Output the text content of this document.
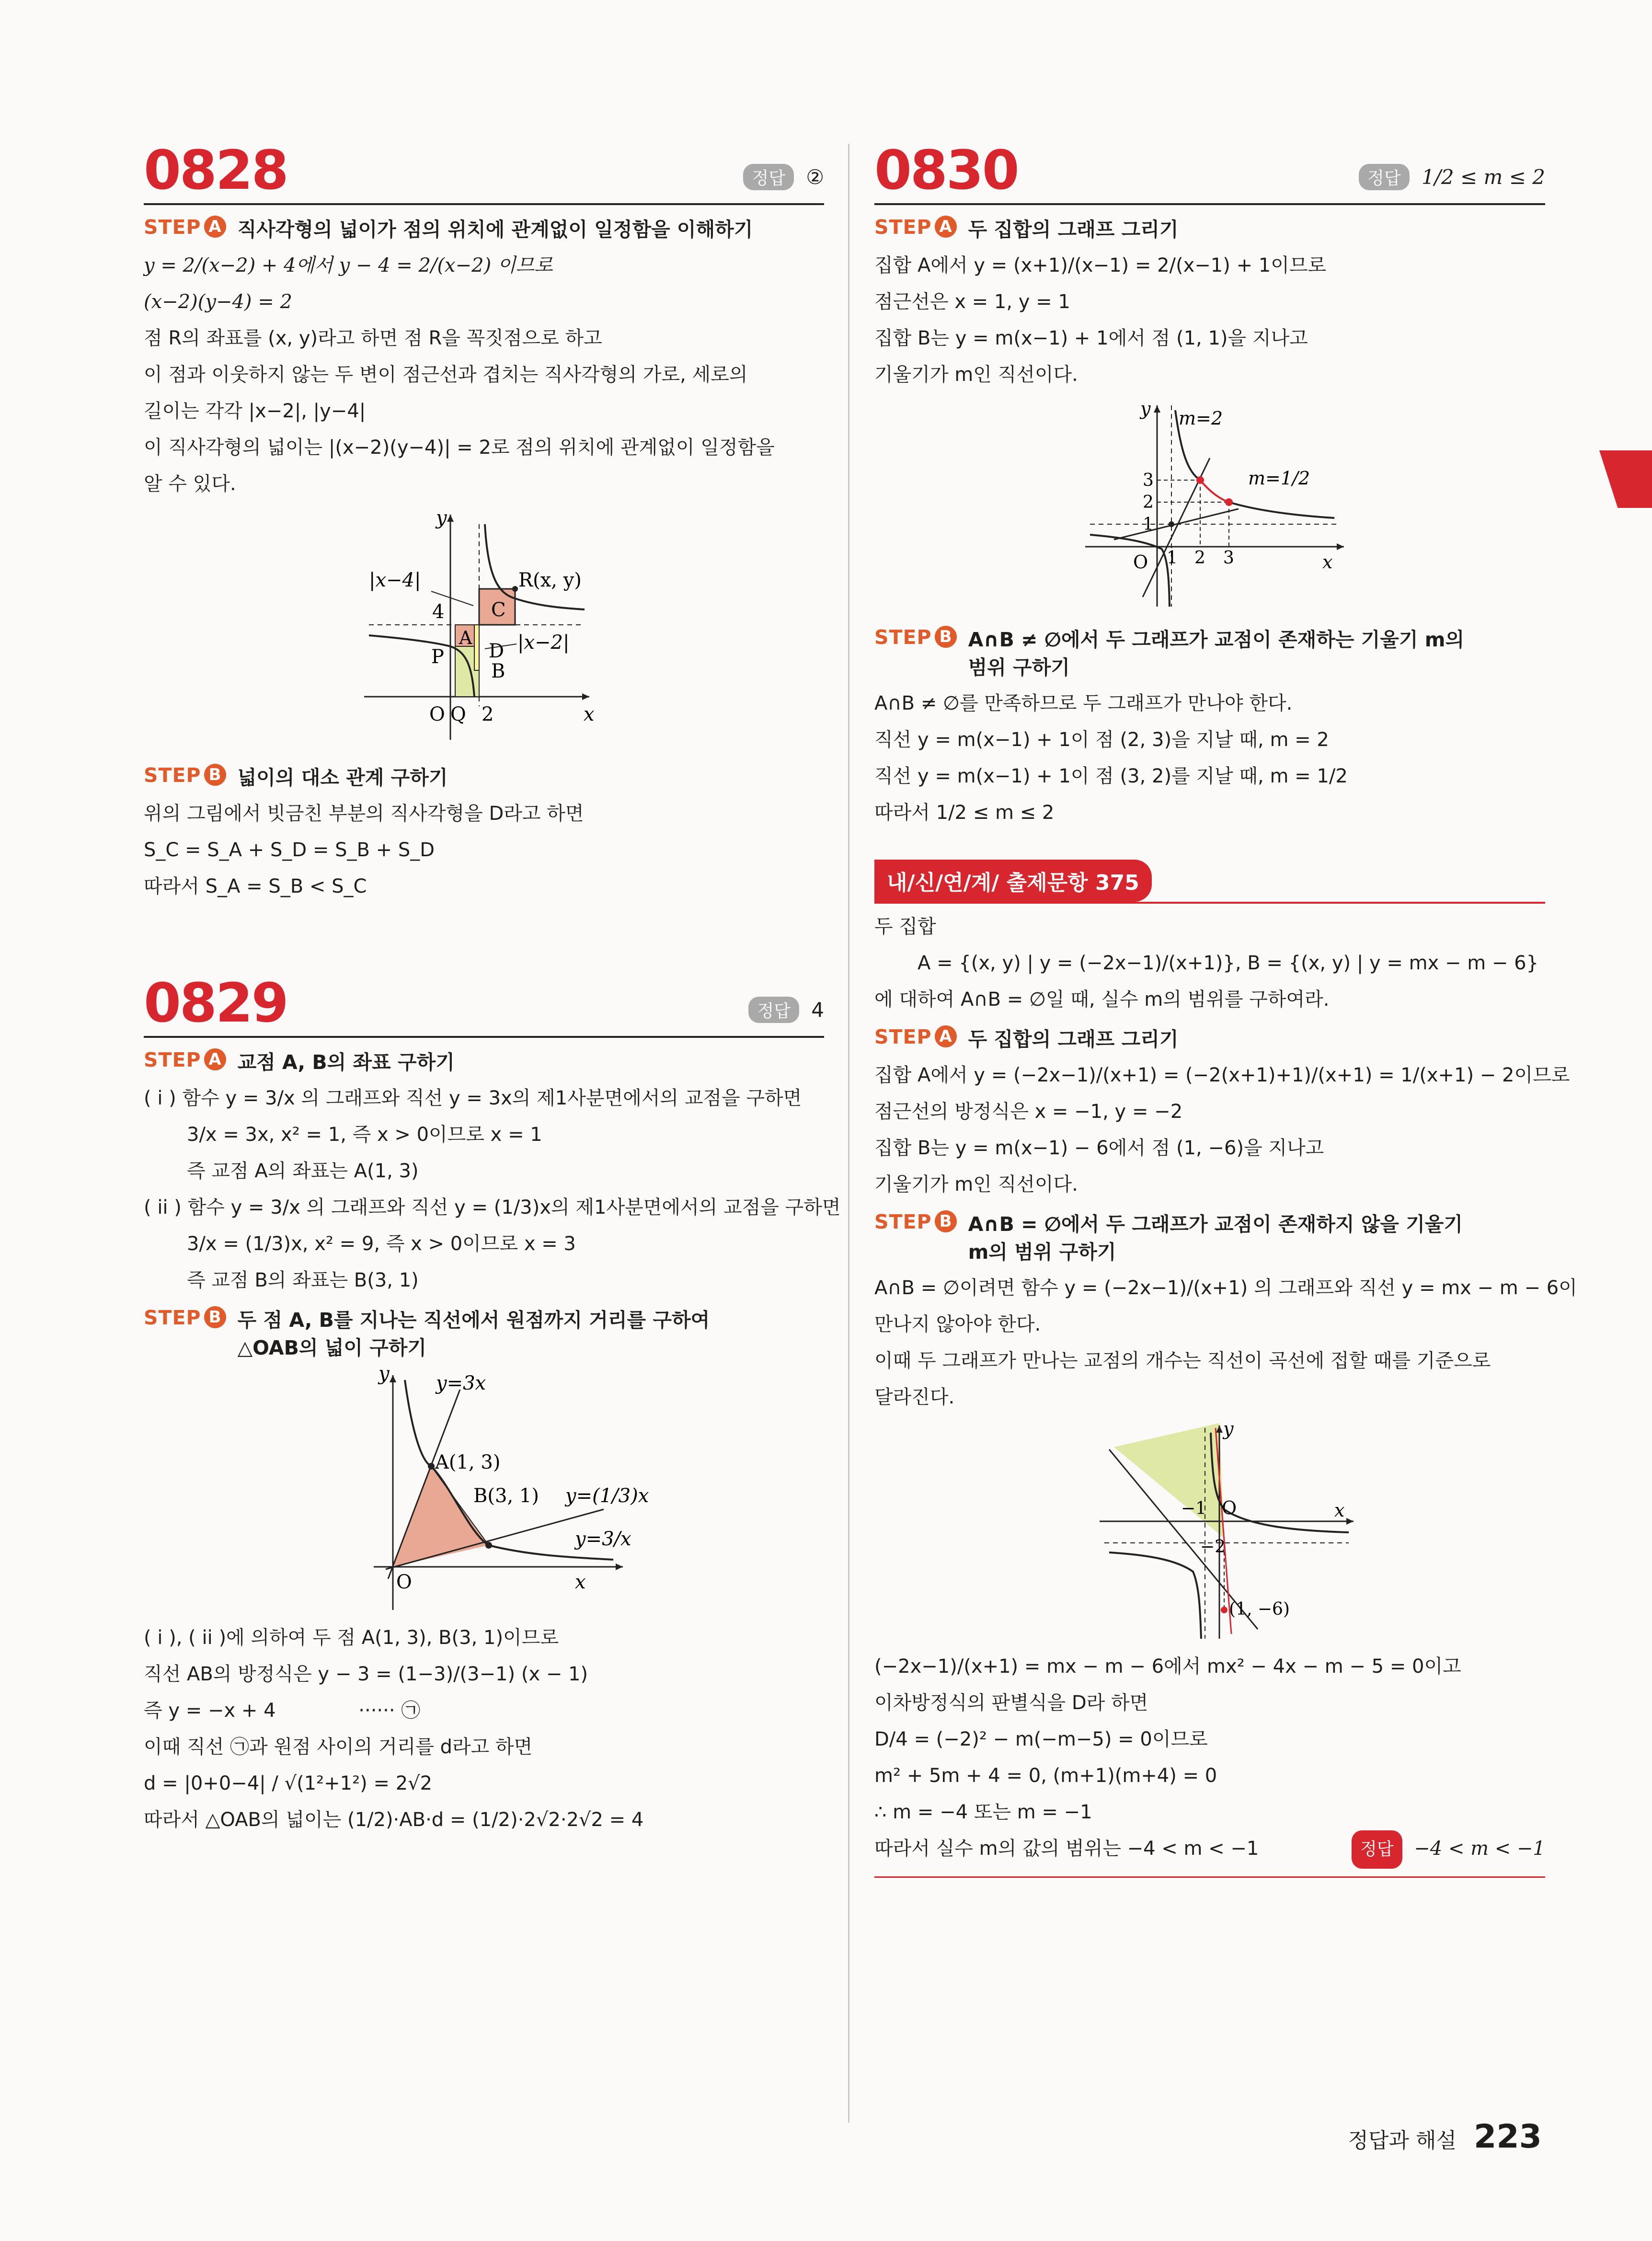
0828	정답 ②
STEP A 직사각형의 넓이가 점의 위치에 관계없이 일정함을 이해하기
y = 2/(x−2) + 4에서 y − 4 = 2/(x−2) 이므로
(x−2)(y−4) = 2
점 R의 좌표를 (x, y)라고 하면 점 R을 꼭짓점으로 하고
이 점과 이웃하지 않는 두 변이 점근선과 겹치는 직사각형의 가로, 세로의
길이는 각각 |x−2|, |y−4|
이 직사각형의 넓이는 |(x−2)(y−4)| = 2로 점의 위치에 관계없이 일정함을
알 수 있다.
y
x
O Q 2
4
P
A
C
D
B
R(x, y)
|x−4|
|x−2|
STEP B 넓이의 대소 관계 구하기
위의 그림에서 빗금친 부분의 직사각형을 D라고 하면
S_C = S_A + S_D = S_B + S_D
따라서 S_A = S_B < S_C
0829	정답 4
STEP A 교점 A, B의 좌표 구하기
( i ) 함수 y = 3/x 의 그래프와 직선 y = 3x의 제1사분면에서의 교점을 구하면
3/x = 3x, x² = 1, 즉 x > 0이므로 x = 1
즉 교점 A의 좌표는 A(1, 3)
( ii ) 함수 y = 3/x 의 그래프와 직선 y = (1/3)x의 제1사분면에서의 교점을 구하면
3/x = (1/3)x, x² = 9, 즉 x > 0이므로 x = 3
즉 교점 B의 좌표는 B(3, 1)
STEP B 두 점 A, B를 지나는 직선에서 원점까지 거리를 구하여 △OAB의 넓이 구하기
y
x
O
y=3x
A(1, 3)
B(3, 1) y=(1/3)x
y=3/x
( i ), ( ii )에 의하여 두 점 A(1, 3), B(3, 1)이므로
직선 AB의 방정식은 y − 3 = (1−3)/(3−1) (x − 1)
즉 y = −x + 4	······ ㉠
이때 직선 ㉠과 원점 사이의 거리를 d라고 하면
d = |0+0−4| / √(1²+1²) = 2√2
따라서 △OAB의 넓이는 (1/2)·AB·d = (1/2)·2√2·2√2 = 4
0830	정답 1/2 ≤ m ≤ 2
STEP A 두 집합의 그래프 그리기
집합 A에서 y = (x+1)/(x−1) = 2/(x−1) + 1이므로
점근선은 x = 1, y = 1
집합 B는 y = m(x−1) + 1에서 점 (1, 1)을 지나고
기울기가 m인 직선이다.
y
x
O
m=2
m=1/2
1 2 3
1
2
3
STEP B A∩B ≠ ∅에서 두 그래프가 교점이 존재하는 기울기 m의 범위 구하기
A∩B ≠ ∅를 만족하므로 두 그래프가 만나야 한다.
직선 y = m(x−1) + 1이 점 (2, 3)을 지날 때, m = 2
직선 y = m(x−1) + 1이 점 (3, 2)를 지날 때, m = 1/2
따라서 1/2 ≤ m ≤ 2
내/신/연/계/ 출제문항 375
두 집합
A = {(x, y) | y = (−2x−1)/(x+1)}, B = {(x, y) | y = mx − m − 6}
에 대하여 A∩B = ∅일 때, 실수 m의 범위를 구하여라.
STEP A 두 집합의 그래프 그리기
집합 A에서 y = (−2x−1)/(x+1) = (−2(x+1)+1)/(x+1) = 1/(x+1) − 2이므로
점근선의 방정식은 x = −1, y = −2
집합 B는 y = m(x−1) − 6에서 점 (1, −6)을 지나고
기울기가 m인 직선이다.
STEP B A∩B = ∅에서 두 그래프가 교점이 존재하지 않을 기울기 m의 범위 구하기
A∩B = ∅이려면 함수 y = (−2x−1)/(x+1) 의 그래프와 직선 y = mx − m − 6이
만나지 않아야 한다.
이때 두 그래프가 만나는 교점의 개수는 직선이 곡선에 접할 때를 기준으로
달라진다.
y
x
O
−1
−2
(1, −6)
(−2x−1)/(x+1) = mx − m − 6에서 mx² − 4x − m − 5 = 0이고
이차방정식의 판별식을 D라 하면
D/4 = (−2)² − m(−m−5) = 0이므로
m² + 5m + 4 = 0, (m+1)(m+4) = 0
∴ m = −4 또는 m = −1
따라서 실수 m의 값의 범위는 −4 < m < −1	정답 −4 < m < −1
정답과 해설 223
